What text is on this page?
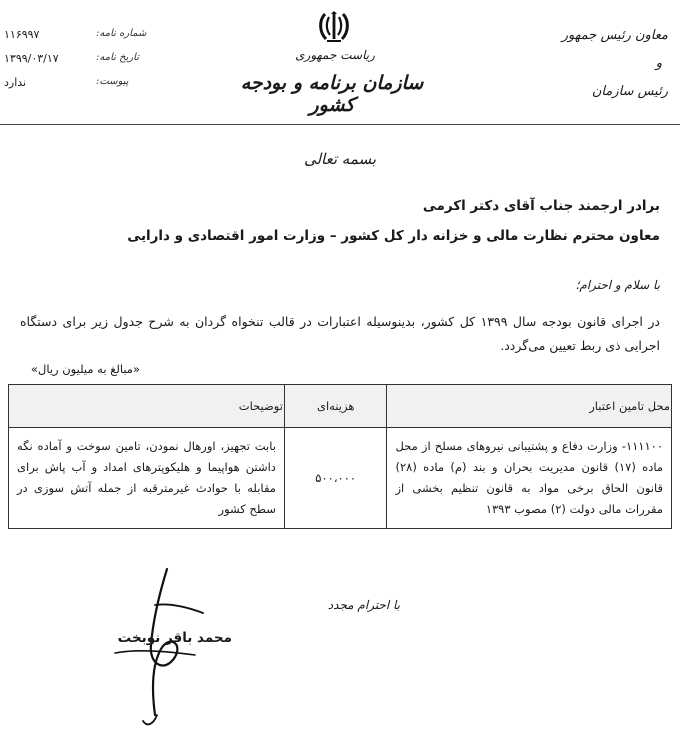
شماره نامه:
۱۱۶۹۹۷
تاریخ نامه:
۱۳۹۹/۰۳/۱۷
پیوست:
ندارد
ریاست جمهوری
سازمان برنامه و بودجه کشور
معاون رئیس جمهور
و
رئیس سازمان
بسمه تعالی
برادر ارجمند جناب آقای دکتر اکرمی
معاون محترم نظارت مالی و خزانه دار کل کشور – وزارت امور اقتصادی و دارایی
با سلام و احترام؛
در اجرای قانون بودجه سال ۱۳۹۹ کل کشور، بدینوسیله اعتبارات در قالب تنخواه گردان به شرح جدول زیر برای دستگاه اجرایی ذی ربط تعیین می‌گردد.
«مبالغ به میلیون ریال»
محل تامین اعتبار	هزینه‌ای	توضیحات
۱۱۱۱۰۰- وزارت دفاع و پشتیبانی نیروهای مسلح از محل ماده (۱۷) قانون مدیریت بحران و بند (م) ماده (۲۸) قانون الحاق برخی مواد به قانون تنظیم بخشی از مقررات مالی دولت (۲) مصوب ۱۳۹۳	۵۰۰،۰۰۰	بابت تجهیز، اورهال نمودن، تامین سوخت و آماده نگه داشتن هواپیما و هلیکوپترهای امداد و آب پاش برای مقابله با حوادث غیرمترقبه از جمله آتش سوزی در سطح کشور
با احترام مجدد
محمد باقر نوبخت
